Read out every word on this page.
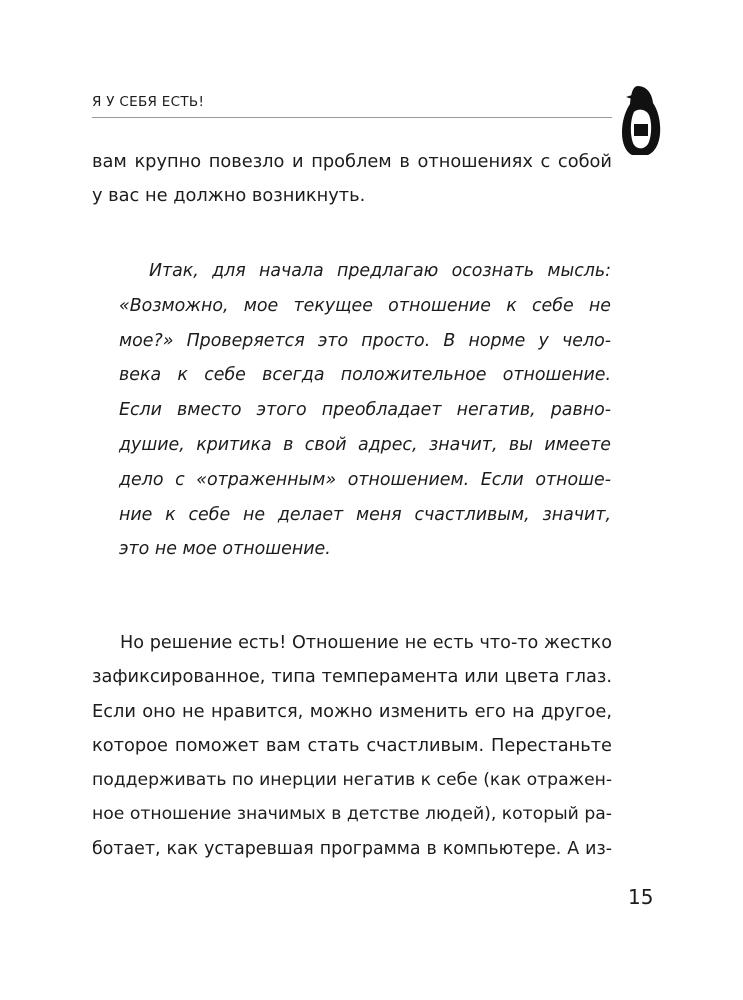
Я У СЕБЯ ЕСТЬ!
вам крупно повезло и проблем в отношениях с собой
у вас не должно возникнуть.
Итак, для начала предлагаю осознать мысль:
«Возможно, мое текущее отношение к себе не
мое?» Проверяется это просто. В норме у чело-
века к себе всегда положительное отношение.
Если вместо этого преобладает негатив, равно-
душие, критика в свой адрес, значит, вы имеете
дело с «отраженным» отношением. Если отноше-
ние к себе не делает меня счастливым, значит,
это не мое отношение.
Но решение есть! Отношение не есть что-то жестко
зафиксированное, типа темперамента или цвета глаз.
Если оно не нравится, можно изменить его на другое,
которое поможет вам стать счастливым. Перестаньте
поддерживать по инерции негатив к себе (как отражен-
ное отношение значимых в детстве людей), который ра-
ботает, как устаревшая программа в компьютере. А из-
15
